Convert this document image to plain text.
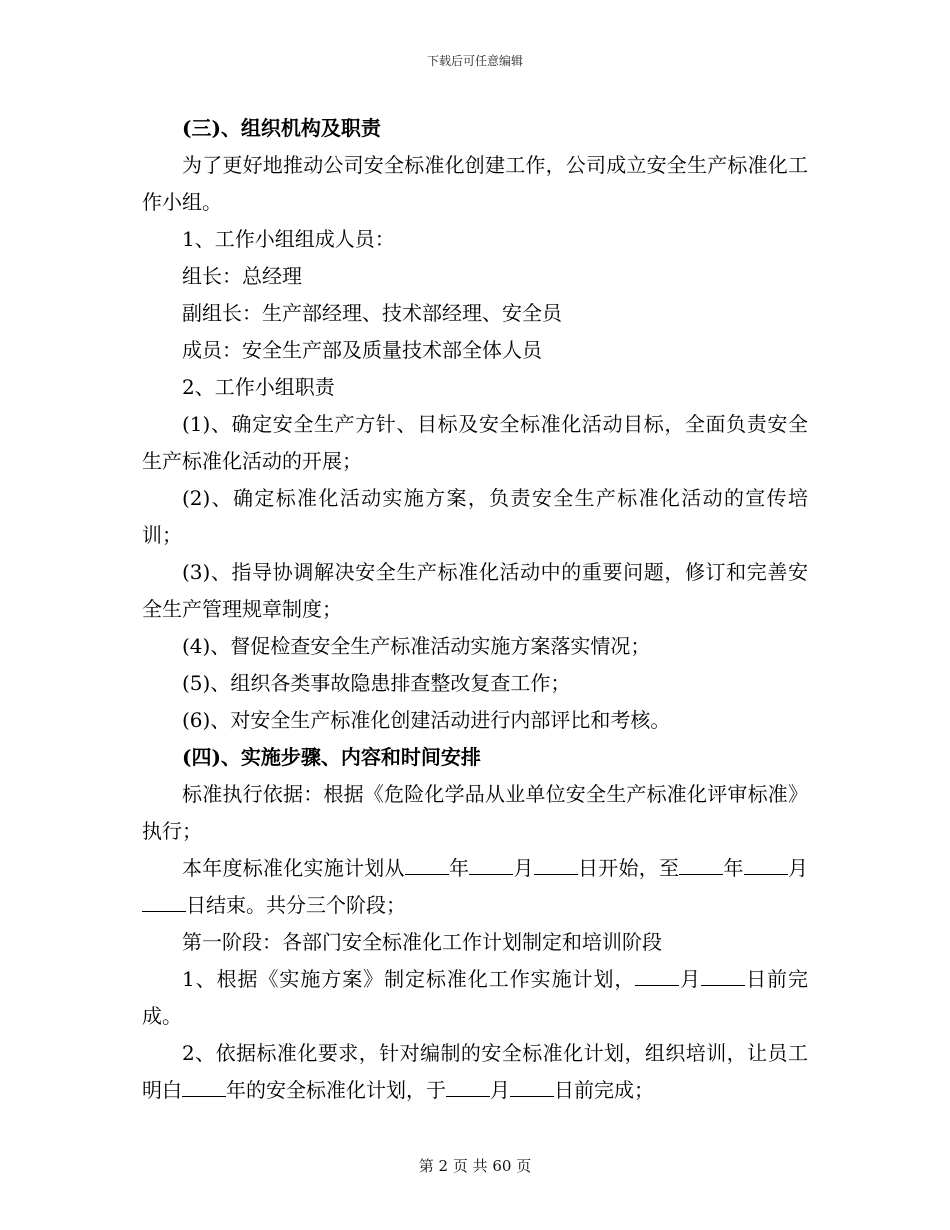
下载后可任意编辑

(三)、组织机构及职责

为了更好地推动公司安全标准化创建工作，公司成立安全生产标准化工作小组。

1、工作小组组成人员：

组长：总经理

副组长：生产部经理、技术部经理、安全员

成员：安全生产部及质量技术部全体人员

2、工作小组职责

(1)、确定安全生产方针、目标及安全标准化活动目标，全面负责安全生产标准化活动的开展；

(2)、确定标准化活动实施方案，负责安全生产标准化活动的宣传培训；

(3)、指导协调解决安全生产标准化活动中的重要问题，修订和完善安全生产管理规章制度；

(4)、督促检查安全生产标准活动实施方案落实情况；

(5)、组织各类事故隐患排查整改复查工作；

(6)、对安全生产标准化创建活动进行内部评比和考核。

(四)、实施步骤、内容和时间安排

标准执行依据：根据《危险化学品从业单位安全生产标准化评审标准》执行；

本年度标准化实施计划从 年 月 日开始，至 年 月日结束。共分三个阶段；

第一阶段：各部门安全标准化工作计划制定和培训阶段

1、根据《实施方案》制定标准化工作实施计划， 月 日前完成。

2、依据标准化要求，针对编制的安全标准化计划，组织培训，让员工明白 年的安全标准化计划，于 月 日前完成；

第 2 页 共 60 页
